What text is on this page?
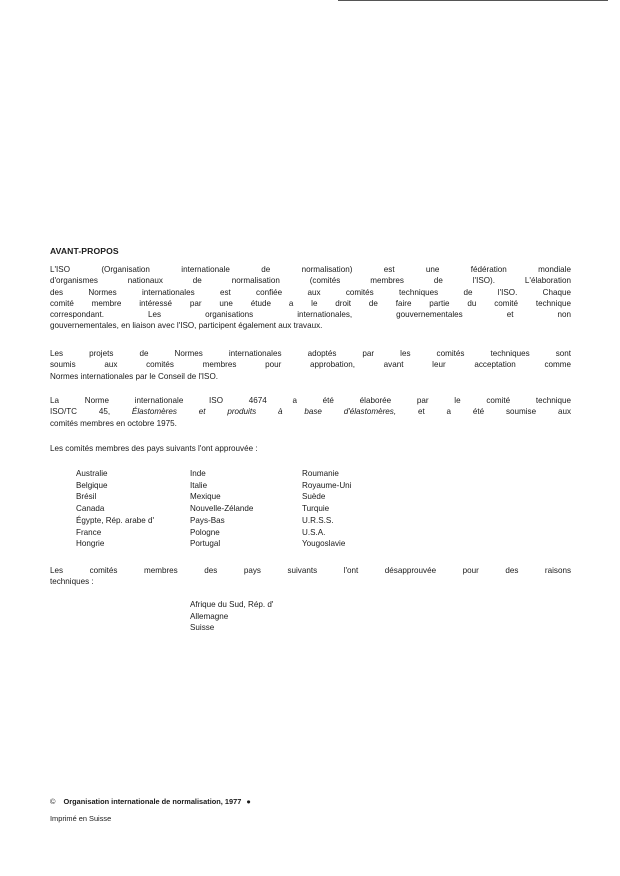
AVANT-PROPOS
L'ISO (Organisation internationale de normalisation) est une fédération mondiale
d'organismes nationaux de normalisation (comités membres de l'ISO). L'élaboration
des Normes internationales est confiée aux comités techniques de l'ISO. Chaque
comité membre intéressé par une étude a le droit de faire partie du comité technique
correspondant. Les organisations internationales, gouvernementales et non
gouvernementales, en liaison avec l'ISO, participent également aux travaux.
Les projets de Normes internationales adoptés par les comités techniques sont
soumis aux comités membres pour approbation, avant leur acceptation comme
Normes internationales par le Conseil de l'ISO.
La Norme internationale ISO 4674 a été élaborée par le comité technique
ISO/TC 45,	Élastomères et produits à base d'élastomères,	et a été soumise aux
comités membres en octobre 1975.
Les comités membres des pays suivants l'ont approuvée :
Australie
Belgique
Brésil
Canada
Égypte, Rép. arabe d'
France
Hongrie
Inde
Italie
Mexique
Nouvelle-Zélande
Pays-Bas
Pologne
Portugal
Roumanie
Royaume-Uni
Suède
Turquie
U.R.S.S.
U.S.A.
Yougoslavie
Les comités membres des pays suivants l'ont désapprouvée pour des raisons
techniques :
Afrique du Sud, Rép. d'
Allemagne
Suisse
© Organisation internationale de normalisation, 1977 ●
Imprimé en Suisse
